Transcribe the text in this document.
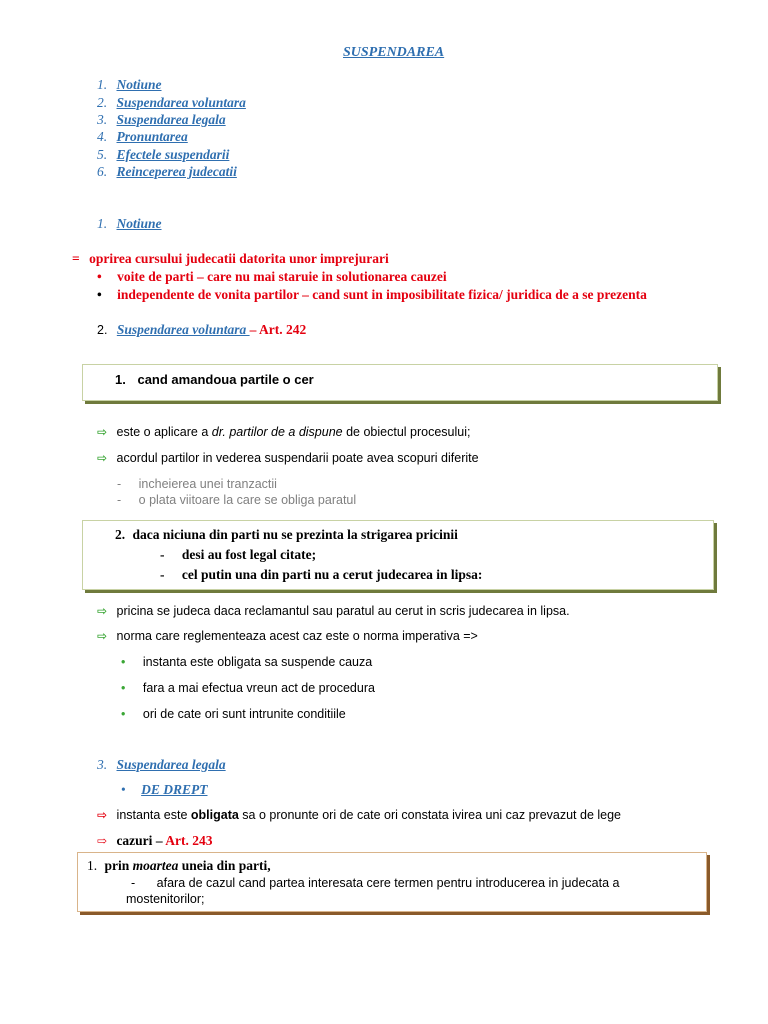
SUSPENDAREA
1. Notiune
2. Suspendarea voluntara
3. Suspendarea legala
4. Pronuntarea
5. Efectele suspendarii
6. Reinceperea judecatii
1. Notiune
= oprirea cursului judecatii datorita unor imprejurari
• voite de parti – care nu mai staruie in solutionarea cauzei
• independente de vonita partilor – cand sunt in imposibilitate fizica/ juridica de a se prezenta
2. Suspendarea voluntara – Art. 242
1. cand amandoua partile o cer
⇨ este o aplicare a dr. partilor de a dispune de obiectul procesului;
⇨ acordul partilor in vederea suspendarii poate avea scopuri diferite
- incheierea unei tranzactii
- o plata viitoare la care se obliga paratul
2. daca niciuna din parti nu se prezinta la strigarea pricinii
- desi au fost legal citate;
- cel putin una din parti nu a cerut judecarea in lipsa:
⇨ pricina se judeca daca reclamantul sau paratul au cerut in scris judecarea in lipsa.
⇨ norma care reglementeaza acest caz este o norma imperativa =>
• instanta este obligata sa suspende cauza
• fara a mai efectua vreun act de procedura
• ori de cate ori sunt intrunite conditiile
3. Suspendarea legala
• DE DREPT
⇨ instanta este obligata sa o pronunte ori de cate ori constata ivirea uni caz prevazut de lege
⇨ cazuri – Art. 243
1. prin moartea uneia din parti,
- afara de cazul cand partea interesata cere termen pentru introducerea in judecata a
mostenitorilor;
